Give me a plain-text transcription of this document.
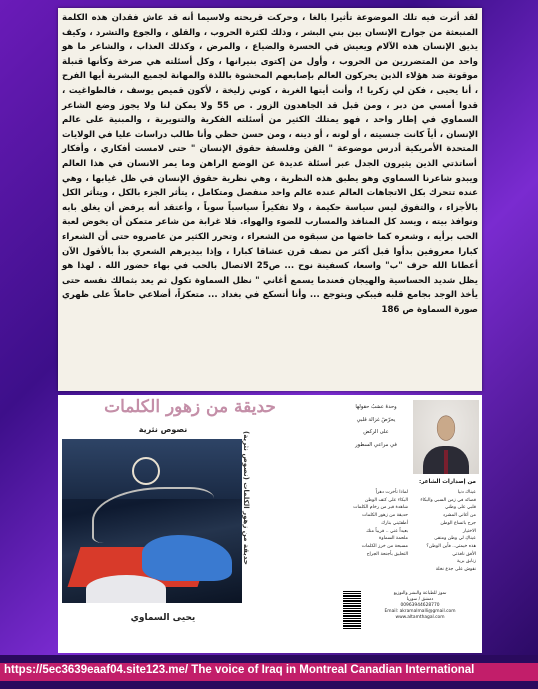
لقد أثرت فيه تلك الموضوعة تأثيرا بالغا ، وحركت قريحته ولاسيما أنه قد عاش فقدان هذه الكلمة المنبعثة من جوارح الإنسان بين بني البشر ، وذلك لكثرة الحروب ، والقلق ، والجوع والتشرد ، وكيف يذيق الإنسان هذه الآلام ويعيش في الحسرة والضياع ، والمرض ، وكذلك العذاب ، والشاعر ما هو واحد من المتضررين من الحروب ، وأول من إكتوى بنيرانها ، وكل أسئلته هي صرخة وكأنها قنبلة موقوتة ضد هؤلاء الذين يحركون العالم بإصابعهم المحشوة باللذة والمهانة لجميع البشرية أيها الفرح ، أنا يحيى ، فكن لي زكريا !، وأنت أيتها الغربة ، كوني زليخة ، لأكون قميص يوسف ، فالطواغيت ، قدوا أمسي من دبر ، ومن قبل قد الجاهدون الزور . ص 55 ولا يمكن لنا ولا يجوز وضع الشاعر السماوي في إطار واحد ، فهو يمتلك الكثير من أسئلته الفكرية والتنويرية ، والمبنية على عالم الإنسان ، أياً كانت جنسيته ، أو لونه ، أو دينه ، ومن حسن حظي وأنا طالب دراسات عليا في الولايات المتحدة الأمريكية أدرس موضوعة " الفن وفلسفة حقوق الإنسان " حتى لامست أفكاري ، وأفكار أساتذتي الذين يثيرون الجدل عبر أسئلة عديدة عن الوضع الراهن وما يمر الانسان في هذا العالم ويبدو شاعرنا السماوي وهو يطبق هذه النظرية ، وهي نظرية حقوق الإنسان في ظل غيابها ، وهي عنده تتحرك بكل الاتجاهات العالم عنده عالم واحد منفصل ومتكامل ، يتأثر الجزء بالكل ، ويتأثر الكل بالأجزاء ، والتفوق ليس سياسة حكيمة ، ولا تفكيراً سياسياً سوياً ، وأعتقد أنه يرفض أن يغلق بابه ونوافذ بيته ، ويسد كل المنافذ والمسارب للضوء والهواء. فلا غرابة من شاعر متمكن أن يخوض لعبة الحب برأيه ، وشعره كما خاضها من سبقوه من الشعراء ، وتحرر الكثير من عاصروه حتى أن الشعراء كبارا معروفين بدأوا قبل أكثر من نصف قرن عشاقا كبارا ، وإذا بيديرهم الشعري بدأ بالأفول الآن أعطانا الله حرف "ب" واسعا، كسفينة نوح ... ص25 الاتصال بالحب في بهاء حضور الله . لهذا هو يظل شديد الحساسية والهيجان فعندما يسمع أغاني " نظل السماوة تكول ثم يعد بثمالك نفسه حتى يأخذ الوجد بجامع قلبه فيبكي ويتوجع ... وأنا أتسكع في بغداد ... متعكزاً، أضلاعي حاملاً على ظهري صورة السماوة ص 186

حديقة من زهور الكلمات
نصوص نثرية
حديقة من زهور الكلمات (نصوص نثرية)
يحيى السماوي
وحدهُ عشبُ حقولها
يحرّضُ غزالة قلبي
على الركض
في مراعي السطور
من إصدارات الشاعر:
عيناك دنيا
قصائد في زمن السبي والبكاء
قلبي على وطني
من أغاني المشرد
جرح باتساع الوطن
الاختيار
عيناكِ لي وطن ومنفى
هذه خيمتي.. فأين الوطن؟
الأفق نافذتي
زنابق برية
نقوش على جذع نخلة
لماذا تأخرت دهراً
البكاء على كتف الوطن
شاهدة قبر من رخام الكلمات
حديقة من زهور الكلمات
أطفئيني بنارك
بعيداً عني .. قريباً منك
ملحمة السماوة
مسبحة من خرز الكلمات
التحليق بأجنحة الجراح
تموز للطباعة والنشر والتوزيع
دمشق / سوريا
00963944628770
Email: akramalmalli@gmail.com
www.altamthagal.com
https://5ec3639eaaf04.site123.me/ The voice of Iraq in Montreal Canadian International
